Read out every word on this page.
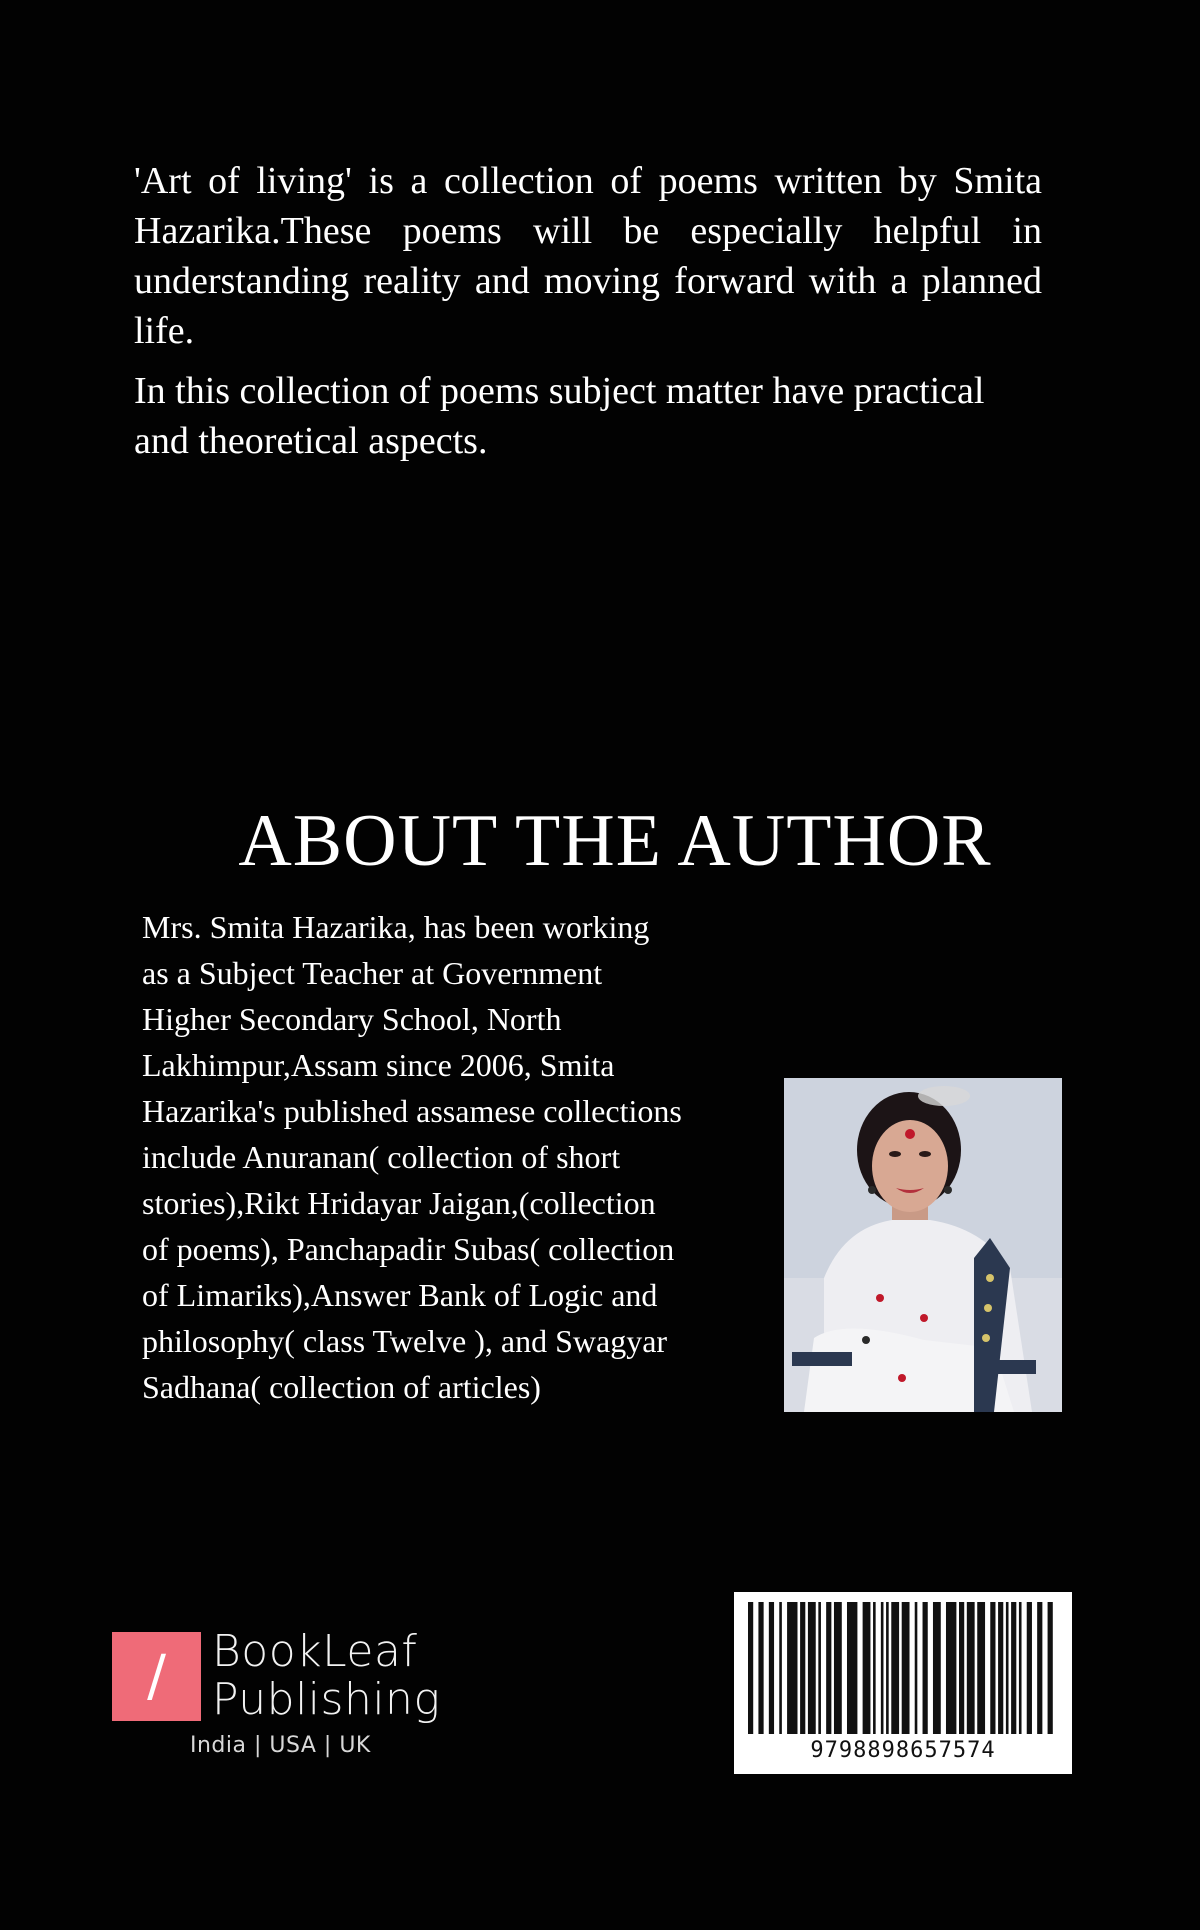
'Art of living' is a collection of poems written by Smita Hazarika.These poems will be especially helpful in understanding reality and moving forward with a planned life.

In this collection of poems subject matter have practical and theoretical aspects.

ABOUT THE AUTHOR
Mrs. Smita Hazarika, has been working as a Subject Teacher at Government Higher Secondary School, North Lakhimpur,Assam since 2006, Smita Hazarika's published assamese collections include Anuranan( collection of short stories),Rikt Hridayar Jaigan,(collection of poems), Panchapadir Subas( collection of Limariks),Answer Bank of Logic and philosophy( class Twelve ), and Swagyar Sadhana( collection of articles)
/	BookLeaf
Publishing
India | USA | UK	9798898657574
